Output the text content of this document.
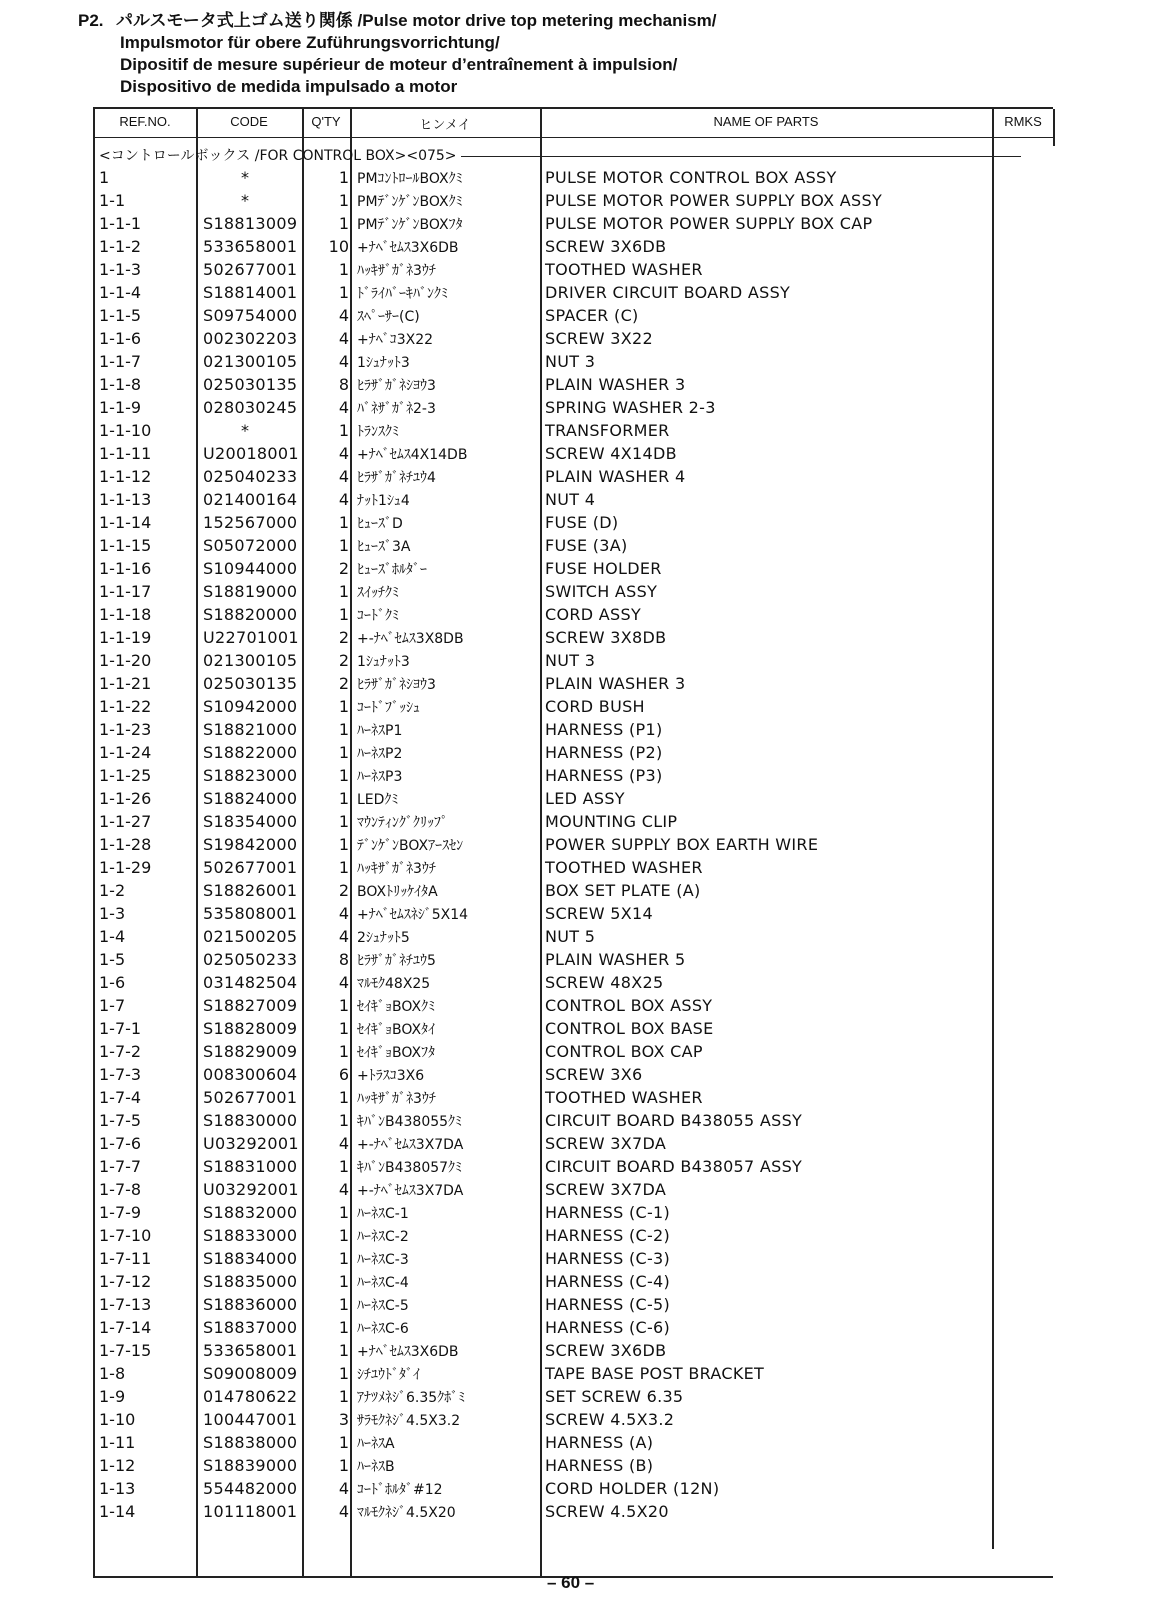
P2. パルスモータ式上ゴム送り関係 /Pulse motor drive top metering mechanism/
Impulsmotor für obere Zuführungsvorrichtung/
Dipositif de mesure supérieur de moteur d’entraînement à impulsion/
Dispositivo de medida impulsado a motor
REF.NO.	CODE	Q'TY	ヒンメイ	NAME OF PARTS	RMKS
<コントロールボックス /FOR CONTROL BOX><075>
1	*	1 PMｺﾝﾄﾛｰﾙBOXｸﾐ	PULSE MOTOR CONTROL BOX ASSY
1-1	*	1 PMﾃﾞﾝｹﾞﾝBOXｸﾐ	PULSE MOTOR POWER SUPPLY BOX ASSY
1-1-1	S18813009	1 PMﾃﾞﾝｹﾞﾝBOXﾌﾀ	PULSE MOTOR POWER SUPPLY BOX CAP
1-1-2	533658001	10 +ﾅﾍﾞｾﾑｽ3X6DB	SCREW 3X6DB
1-1-3	502677001	1 ﾊｯｷｻﾞｶﾞﾈ3ｳﾁ	TOOTHED WASHER
1-1-4	S18814001	1 ﾄﾞﾗｲﾊﾞｰｷﾊﾞﾝｸﾐ	DRIVER CIRCUIT BOARD ASSY
1-1-5	S09754000	4 ｽﾍﾟｰｻｰ(C)	SPACER (C)
1-1-6	002302203	4 +ﾅﾍﾞｺ3X22	SCREW 3X22
1-1-7	021300105	4 1ｼｭﾅｯﾄ3	NUT 3
1-1-8	025030135	8 ﾋﾗｻﾞｶﾞﾈｼﾖｳ3	PLAIN WASHER 3
1-1-9	028030245	4 ﾊﾞﾈｻﾞｶﾞﾈ2-3	SPRING WASHER 2-3
1-1-10	*	1 ﾄﾗﾝｽｸﾐ	TRANSFORMER
1-1-11	U20018001	4 +ﾅﾍﾞｾﾑｽ4X14DB	SCREW 4X14DB
1-1-12	025040233	4 ﾋﾗｻﾞｶﾞﾈﾁﾕｳ4	PLAIN WASHER 4
1-1-13	021400164	4 ﾅｯﾄ1ｼｭ4	NUT 4
1-1-14	152567000	1 ﾋｭｰｽﾞD	FUSE (D)
1-1-15	S05072000	1 ﾋｭｰｽﾞ3A	FUSE (3A)
1-1-16	S10944000	2 ﾋｭｰｽﾞﾎﾙﾀﾞｰ	FUSE HOLDER
1-1-17	S18819000	1 ｽｲｯﾁｸﾐ	SWITCH ASSY
1-1-18	S18820000	1 ｺｰﾄﾞｸﾐ	CORD ASSY
1-1-19	U22701001	2 +-ﾅﾍﾞｾﾑｽ3X8DB	SCREW 3X8DB
1-1-20	021300105	2 1ｼｭﾅｯﾄ3	NUT 3
1-1-21	025030135	2 ﾋﾗｻﾞｶﾞﾈｼﾖｳ3	PLAIN WASHER 3
1-1-22	S10942000	1 ｺｰﾄﾞﾌﾞｯｼｭ	CORD BUSH
1-1-23	S18821000	1 ﾊｰﾈｽP1	HARNESS (P1)
1-1-24	S18822000	1 ﾊｰﾈｽP2	HARNESS (P2)
1-1-25	S18823000	1 ﾊｰﾈｽP3	HARNESS (P3)
1-1-26	S18824000	1 LEDｸﾐ	LED ASSY
1-1-27	S18354000	1 ﾏｳﾝﾃｨﾝｸﾞｸﾘｯﾌﾟ	MOUNTING CLIP
1-1-28	S19842000	1 ﾃﾞﾝｹﾞﾝBOXｱｰｽｾﾝ	POWER SUPPLY BOX EARTH WIRE
1-1-29	502677001	1 ﾊｯｷｻﾞｶﾞﾈ3ｳﾁ	TOOTHED WASHER
1-2	S18826001	2 BOXﾄﾘｯｹｲﾀA	BOX SET PLATE (A)
1-3	535808001	4 +ﾅﾍﾞｾﾑｽﾈｼﾞ5X14	SCREW 5X14
1-4	021500205	4 2ｼｭﾅｯﾄ5	NUT 5
1-5	025050233	8 ﾋﾗｻﾞｶﾞﾈﾁﾕｳ5	PLAIN WASHER 5
1-6	031482504	4 ﾏﾙﾓｸ48X25	SCREW 48X25
1-7	S18827009	1 ｾｲｷﾞｮBOXｸﾐ	CONTROL BOX ASSY
1-7-1	S18828009	1 ｾｲｷﾞｮBOXﾀｲ	CONTROL BOX BASE
1-7-2	S18829009	1 ｾｲｷﾞｮBOXﾌﾀ	CONTROL BOX CAP
1-7-3	008300604	6 +ﾄﾗｽｺ3X6	SCREW 3X6
1-7-4	502677001	1 ﾊｯｷｻﾞｶﾞﾈ3ｳﾁ	TOOTHED WASHER
1-7-5	S18830000	1 ｷﾊﾞﾝB438055ｸﾐ	CIRCUIT BOARD B438055 ASSY
1-7-6	U03292001	4 +-ﾅﾍﾞｾﾑｽ3X7DA	SCREW 3X7DA
1-7-7	S18831000	1 ｷﾊﾞﾝB438057ｸﾐ	CIRCUIT BOARD B438057 ASSY
1-7-8	U03292001	4 +-ﾅﾍﾞｾﾑｽ3X7DA	SCREW 3X7DA
1-7-9	S18832000	1 ﾊｰﾈｽC-1	HARNESS (C-1)
1-7-10	S18833000	1 ﾊｰﾈｽC-2	HARNESS (C-2)
1-7-11	S18834000	1 ﾊｰﾈｽC-3	HARNESS (C-3)
1-7-12	S18835000	1 ﾊｰﾈｽC-4	HARNESS (C-4)
1-7-13	S18836000	1 ﾊｰﾈｽC-5	HARNESS (C-5)
1-7-14	S18837000	1 ﾊｰﾈｽC-6	HARNESS (C-6)
1-7-15	533658001	1 +ﾅﾍﾞｾﾑｽ3X6DB	SCREW 3X6DB
1-8	S09008009	1 ｼﾁﾕｳﾄﾞﾀﾞｲ	TAPE BASE POST BRACKET
1-9	014780622	1 ｱﾅﾂﾒﾈｼﾞ6.35ｸﾎﾞﾐ	SET SCREW 6.35
1-10	100447001	3 ｻﾗﾓｸﾈｼﾞ4.5X3.2	SCREW 4.5X3.2
1-11	S18838000	1 ﾊｰﾈｽA	HARNESS (A)
1-12	S18839000	1 ﾊｰﾈｽB	HARNESS (B)
1-13	554482000	4 ｺｰﾄﾞﾎﾙﾀﾞ#12	CORD HOLDER (12N)
1-14	101118001	4 ﾏﾙﾓｸﾈｼﾞ4.5X20	SCREW 4.5X20
– 60 –
